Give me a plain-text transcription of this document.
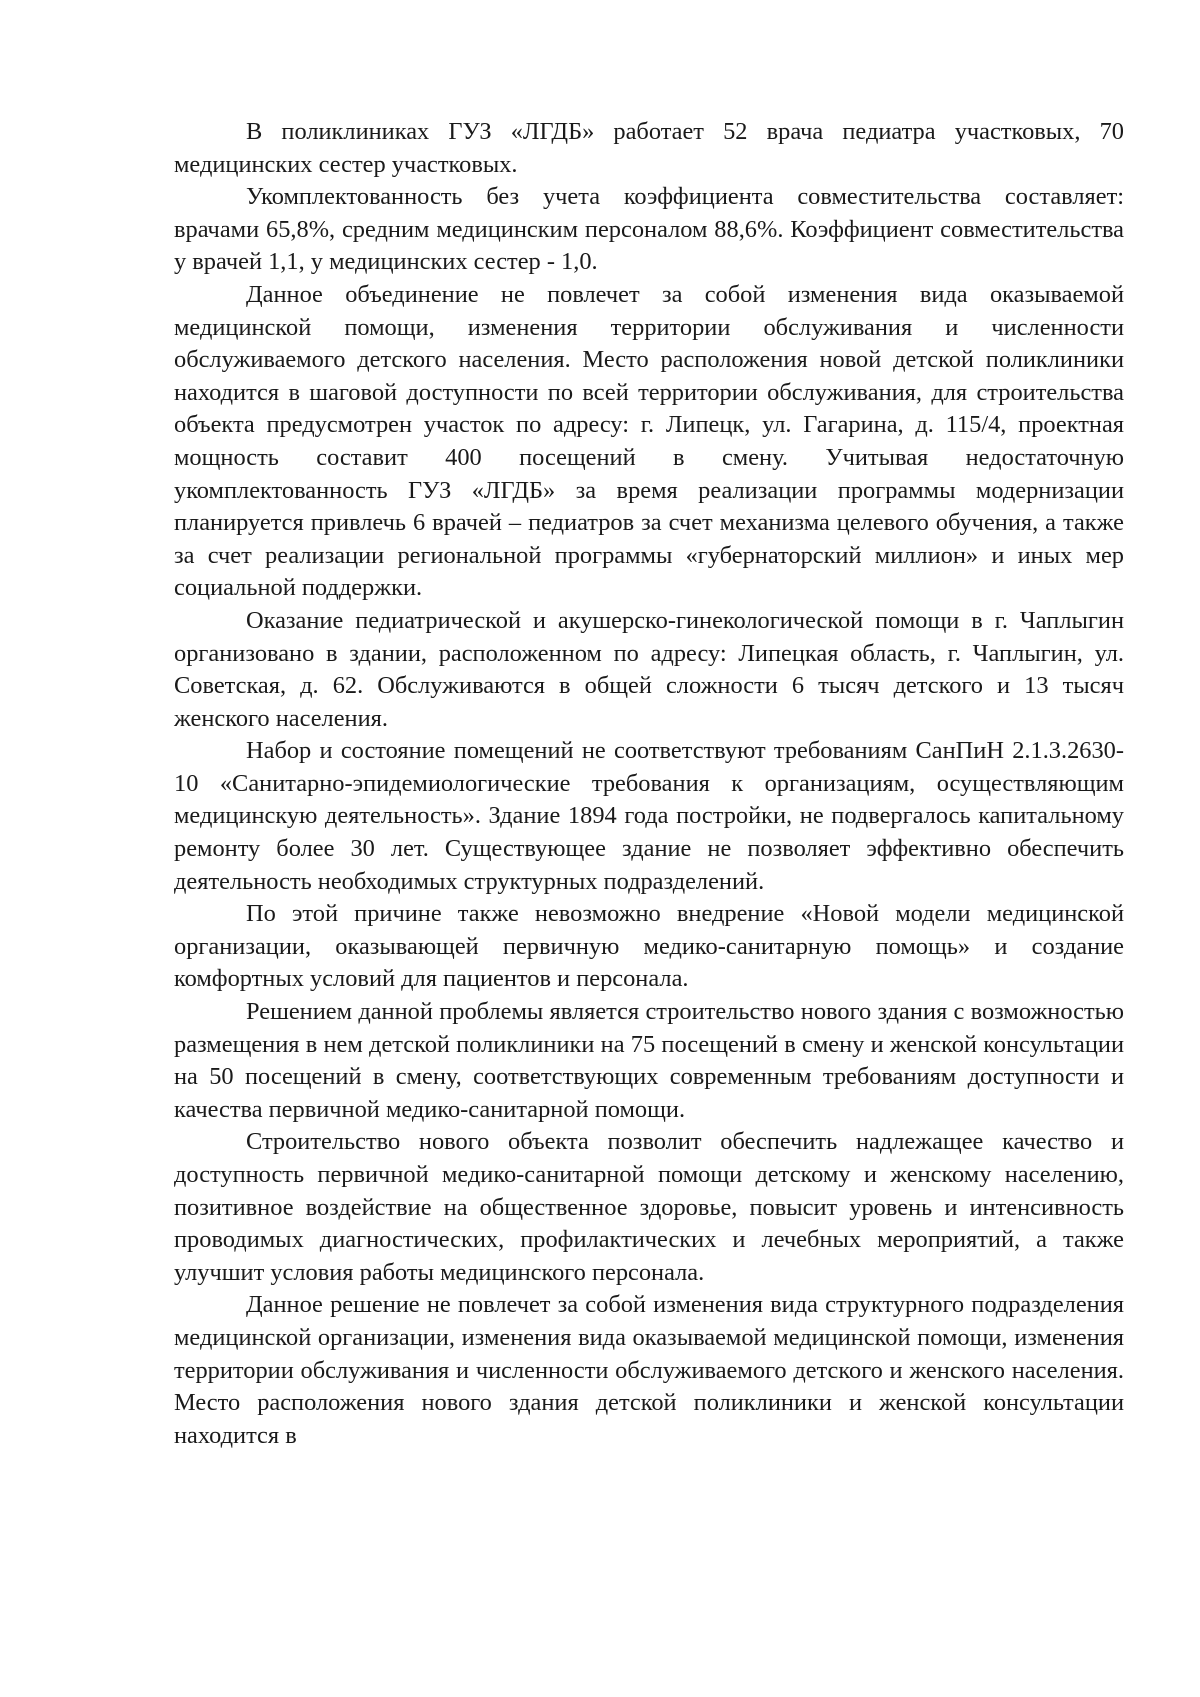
В поликлиниках ГУЗ «ЛГДБ» работает 52 врача педиатра участковых, 70 медицинских сестер участковых.

Укомплектованность без учета коэффициента совместительства составляет: врачами 65,8%, средним медицинским персоналом 88,6%. Коэффициент совместительства у врачей 1,1, у медицинских сестер - 1,0.

Данное объединение не повлечет за собой изменения вида оказываемой медицинской помощи, изменения территории обслуживания и численности обслуживаемого детского населения. Место расположения новой детской поликлиники находится в шаговой доступности по всей территории обслуживания, для строительства объекта предусмотрен участок по адресу: г. Липецк, ул. Гагарина, д. 115/4, проектная мощность составит 400 посещений в смену. Учитывая недостаточную укомплектованность ГУЗ «ЛГДБ» за время реализации программы модернизации планируется привлечь 6 врачей – педиатров за счет механизма целевого обучения, а также за счет реализации региональной программы «губернаторский миллион» и иных мер социальной поддержки.

Оказание педиатрической и акушерско-гинекологической помощи в г. Чаплыгин организовано в здании, расположенном по адресу: Липецкая область, г. Чаплыгин, ул. Советская, д. 62. Обслуживаются в общей сложности 6 тысяч детского и 13 тысяч женского населения.

Набор и состояние помещений не соответствуют требованиям СанПиН 2.1.3.2630-10 «Санитарно-эпидемиологические требования к организациям, осуществляющим медицинскую деятельность». Здание 1894 года постройки, не подвергалось капитальному ремонту более 30 лет. Существующее здание не позволяет эффективно обеспечить деятельность необходимых структурных подразделений.

По этой причине также невозможно внедрение «Новой модели медицинской организации, оказывающей первичную медико-санитарную помощь» и создание комфортных условий для пациентов и персонала.

Решением данной проблемы является строительство нового здания с возможностью размещения в нем детской поликлиники на 75 посещений в смену и женской консультации на 50 посещений в смену, соответствующих современным требованиям доступности и качества первичной медико-санитарной помощи.

Строительство нового объекта позволит обеспечить надлежащее качество и доступность первичной медико-санитарной помощи детскому и женскому населению, позитивное воздействие на общественное здоровье, повысит уровень и интенсивность проводимых диагностических, профилактических и лечебных мероприятий, а также улучшит условия работы медицинского персонала.

Данное решение не повлечет за собой изменения вида структурного подразделения медицинской организации, изменения вида оказываемой медицинской помощи, изменения территории обслуживания и численности обслуживаемого детского и женского населения. Место расположения нового здания детской поликлиники и женской консультации находится в
